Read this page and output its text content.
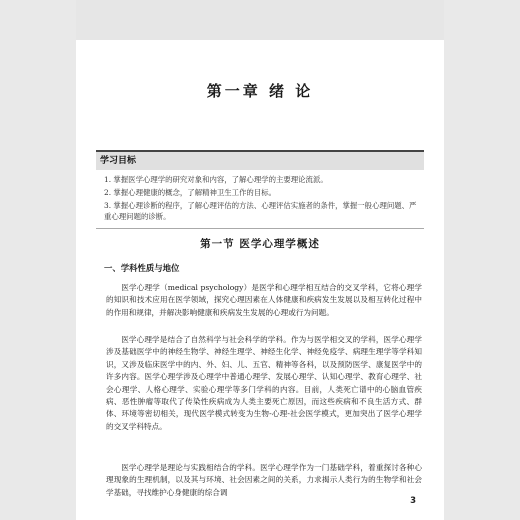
第一章 绪 论
学习目标
1. 掌握医学心理学的研究对象和内容，了解心理学的主要理论流派。
2. 掌握心理健康的概念，了解精神卫生工作的目标。
3. 掌握心理诊断的程序，了解心理评估的方法、心理评估实施者的条件，掌握一般心理问题、严重心理问题的诊断。
第一节 医学心理学概述
一、学科性质与地位
医学心理学（medical psychology）是医学和心理学相互结合的交叉学科，它将心理学的知识和技术应用在医学领域，探究心理因素在人体健康和疾病发生发展以及相互转化过程中的作用和规律，并解决影响健康和疾病发生发展的心理或行为问题。
医学心理学是结合了自然科学与社会科学的学科。作为与医学相交叉的学科，医学心理学涉及基础医学中的神经生物学、神经生理学、神经生化学、神经免疫学、病理生理学等学科知识，又涉及临床医学中的内、外、妇、儿、五官、精神等各科，以及预防医学、康复医学中的许多内容。医学心理学涉及心理学中普通心理学、发展心理学、认知心理学、教育心理学、社会心理学、人格心理学、实验心理学等多门学科的内容。目前，人类死亡谱中的心脑血管疾病、恶性肿瘤等取代了传染性疾病成为人类主要死亡原因，而这些疾病和不良生活方式、群体、环境等密切相关，现代医学模式转变为生物-心理-社会医学模式，更加突出了医学心理学的交叉学科特点。
医学心理学是理论与实践相结合的学科。医学心理学作为一门基础学科，着重探讨各种心理现象的生理机制，以及其与环境、社会因素之间的关系，力求揭示人类行为的生物学和社会学基础，寻找维护心身健康的综合调
3
